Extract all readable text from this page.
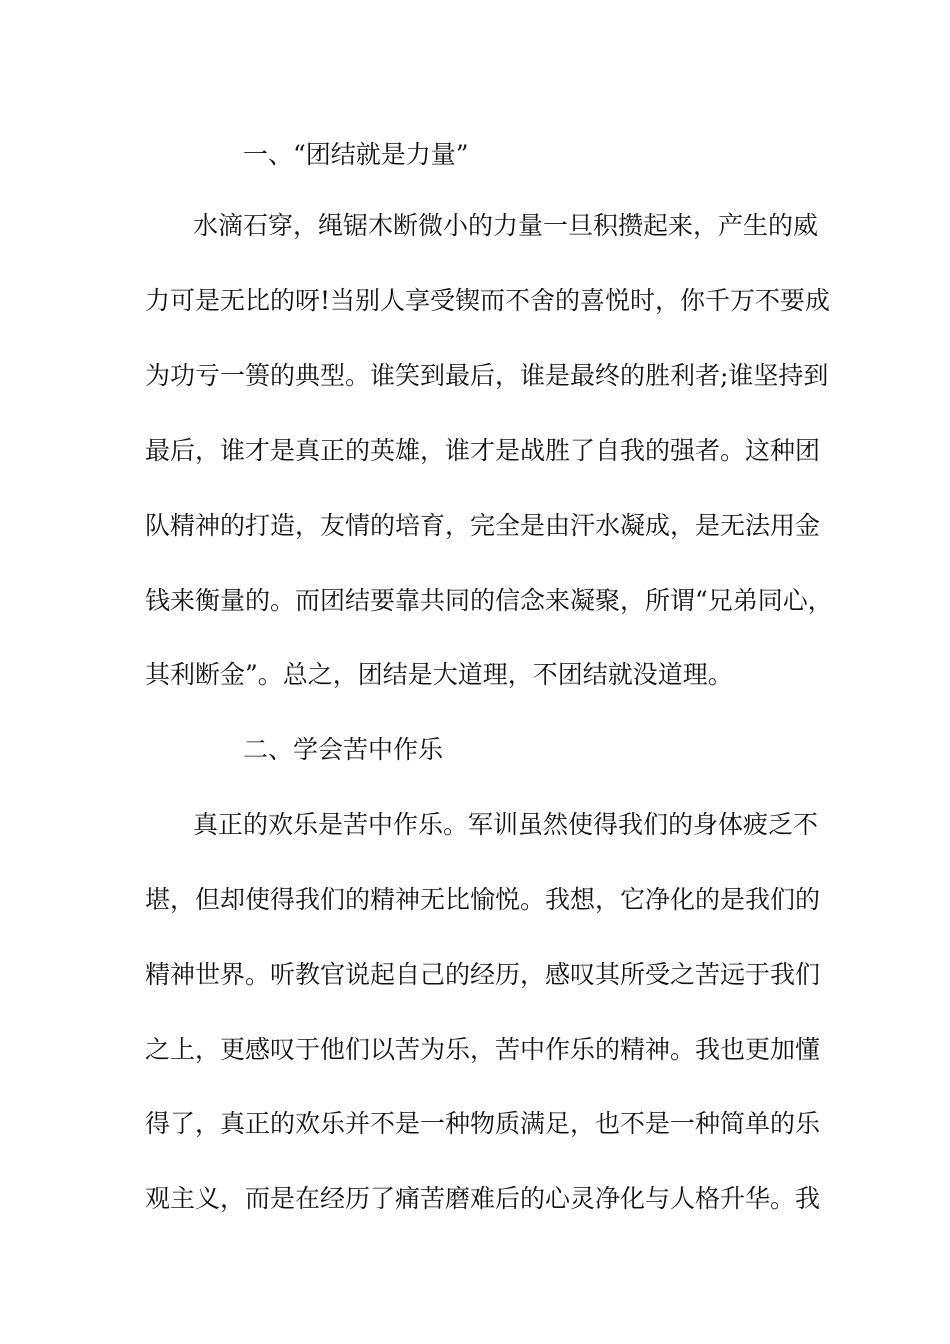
一、“团结就是力量”
水滴石穿，绳锯木断微小的力量一旦积攒起来，产生的威
力可是无比的呀!当别人享受锲而不舍的喜悦时，你千万不要成
为功亏一篑的典型。谁笑到最后，谁是最终的胜利者;谁坚持到
最后，谁才是真正的英雄，谁才是战胜了自我的强者。这种团
队精神的打造，友情的培育，完全是由汗水凝成，是无法用金
钱来衡量的。而团结要靠共同的信念来凝聚，所谓“兄弟同心，
其利断金”。总之，团结是大道理，不团结就没道理。
二、学会苦中作乐
真正的欢乐是苦中作乐。军训虽然使得我们的身体疲乏不
堪，但却使得我们的精神无比愉悦。我想，它净化的是我们的
精神世界。听教官说起自己的经历，感叹其所受之苦远于我们
之上，更感叹于他们以苦为乐，苦中作乐的精神。我也更加懂
得了，真正的欢乐并不是一种物质满足，也不是一种简单的乐
观主义，而是在经历了痛苦磨难后的心灵净化与人格升华。我
